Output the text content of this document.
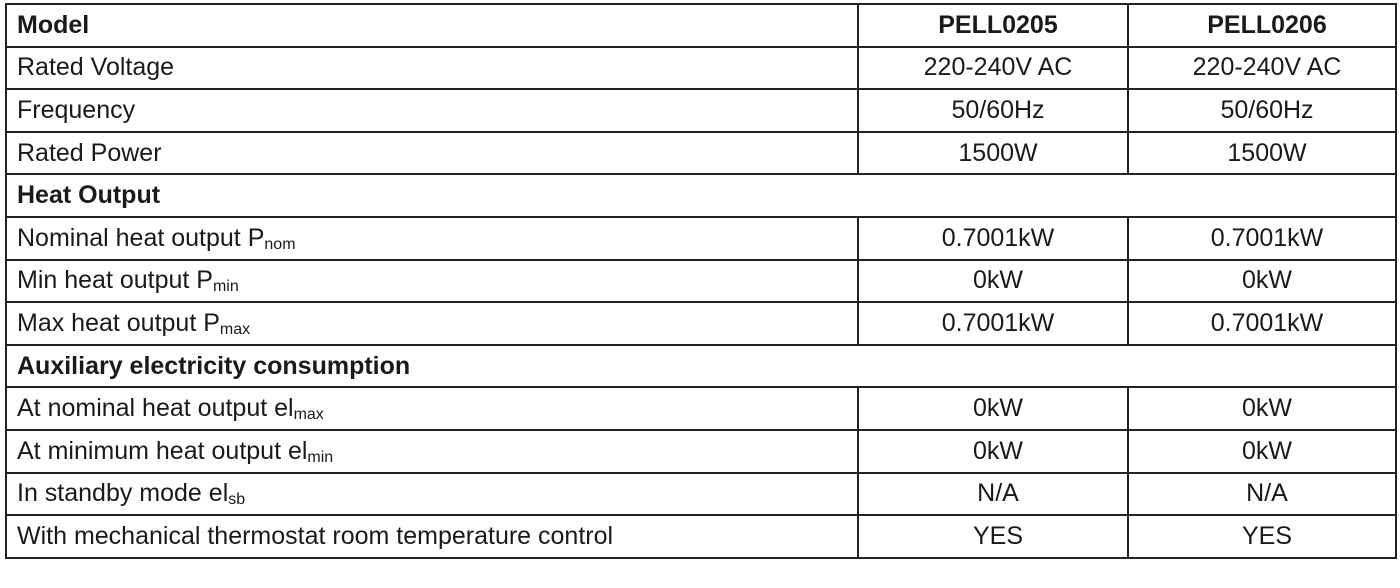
Model	PELL0205	PELL0206
Rated Voltage	220-240V AC	220-240V AC
Frequency	50/60Hz	50/60Hz
Rated Power	1500W	1500W
Heat Output		
Nominal heat output Pnom	0.7001kW	0.7001kW
Min heat output Pmin	0kW	0kW
Max heat output Pmax	0.7001kW	0.7001kW
Auxiliary electricity consumption		
At nominal heat output elmax	0kW	0kW
At minimum heat output elmin	0kW	0kW
In standby mode elsb	N/A	N/A
With mechanical thermostat room temperature control	YES	YES
